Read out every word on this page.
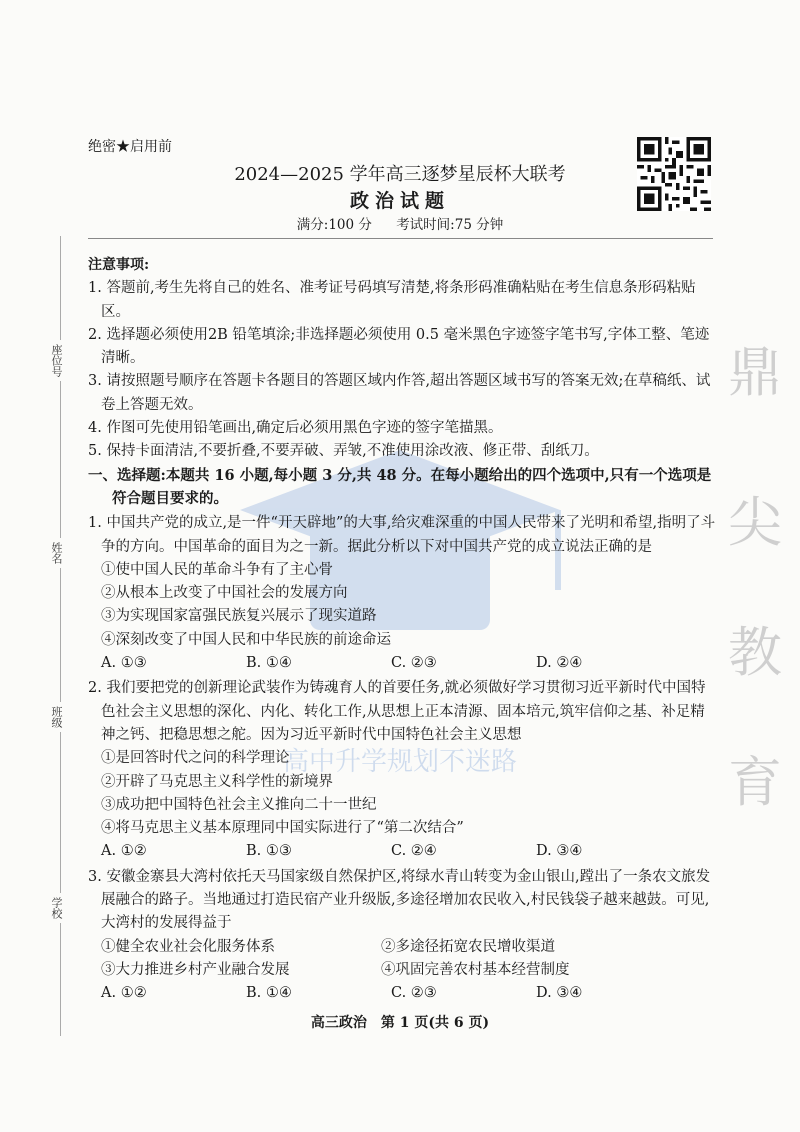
座位号
姓名
班级
学校
鼎
尖
教
育
高中升学规划不迷路
绝密★启用前
2024—2025 学年高三逐梦星辰杯大联考
政治试题
满分:100 分 考试时间:75 分钟
注意事项:
1. 答题前,考生先将自己的姓名、准考证号码填写清楚,将条形码准确粘贴在考生信息条形码粘贴区。
2. 选择题必须使用2B 铅笔填涂;非选择题必须使用 0.5 毫米黑色字迹签字笔书写,字体工整、笔迹清晰。
3. 请按照题号顺序在答题卡各题目的答题区域内作答,超出答题区域书写的答案无效;在草稿纸、试卷上答题无效。
4. 作图可先使用铅笔画出,确定后必须用黑色字迹的签字笔描黑。
5. 保持卡面清洁,不要折叠,不要弄破、弄皱,不准使用涂改液、修正带、刮纸刀。
一、选择题:本题共 16 小题,每小题 3 分,共 48 分。在每小题给出的四个选项中,只有一个选项是
符合题目要求的。
1. 中国共产党的成立,是一件“开天辟地”的大事,给灾难深重的中国人民带来了光明和希望,指明了斗争的方向。中国革命的面目为之一新。据此分析以下对中国共产党的成立说法正确的是
①使中国人民的革命斗争有了主心骨
②从根本上改变了中国社会的发展方向
③为实现国家富强民族复兴展示了现实道路
④深刻改变了中国人民和中华民族的前途命运
A. ①③	B. ①④	C. ②③	D. ②④
2. 我们要把党的创新理论武装作为铸魂育人的首要任务,就必须做好学习贯彻习近平新时代中国特色社会主义思想的深化、内化、转化工作,从思想上正本清源、固本培元,筑牢信仰之基、补足精神之钙、把稳思想之舵。因为习近平新时代中国特色社会主义思想
①是回答时代之问的科学理论
②开辟了马克思主义科学性的新境界
③成功把中国特色社会主义推向二十一世纪
④将马克思主义基本原理同中国实际进行了“第二次结合”
A. ①②	B. ①③	C. ②④	D. ③④
3. 安徽金寨县大湾村依托天马国家级自然保护区,将绿水青山转变为金山银山,蹚出了一条农文旅发展融合的路子。当地通过打造民宿产业升级版,多途径增加农民收入,村民钱袋子越来越鼓。可见,大湾村的发展得益于
①健全农业社会化服务体系	②多途径拓宽农民增收渠道
③大力推进乡村产业融合发展	④巩固完善农村基本经营制度
A. ①②	B. ①④	C. ②③	D. ③④
高三政治　第 1 页(共 6 页)
